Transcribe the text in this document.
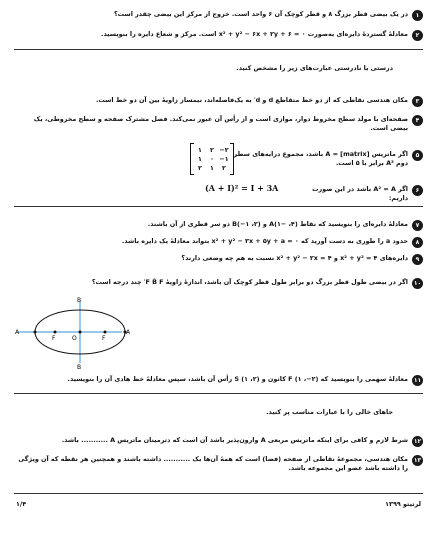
۱
در یک بیضی قطر بزرگ ۸ و قطر کوچک آن ۶ واحد است. خروج از مرکز این بیضی چقدر است؟
۲
معادلهٔ گستردهٔ دایره‌ای به‌صورت x² + y² − ۶x + ۲y + ۶ = ۰ است. مرکز و شعاع دایره را بنویسید.
درستی یا نادرستی عبارت‌های زیر را مشخص کنید.
۳
مکان هندسی نقاطی که از دو خط متقاطع d و d′ به یک‌فاصله‌اند، نیمساز زاویهٔ بین آن دو خط است.
۴
صفحه‌ای با مولد سطح مخروط دوار، موازی است و از رأس آن عبور نمی‌کند. فصل مشترک صفحه و سطح مخروطی، یک بیضی است.
۵
اگر ماتریس A = [matrix] باشد، مجموع درایه‌های سطر دوم A³ برابر با ۵ است.
۱	۲ −۲
۱	۰ −۱
۲	۱	۲
۶
اگر A² = A باشد در این صورت داریم:
(A + I)² = I + 3A
۷
معادلهٔ دایره‌ای را بنویسید که نقاط (۴، −۱)A و (۲، ۱−)B دو سر قطری از آن باشند.
۸
حدود a را طوری به دست آورید که x² + y² − ۳x + ۵y + a = ۰ بتواند معادلهٔ یک دایره باشد.
۹
دایره‌های x² + y² = ۴ و x² + y² − ۲x = ۴ نسبت به هم چه وضعی دارند؟
۱۰
اگر در بیضی طول قطر بزرگ دو برابر طول قطر کوچک آن باشد، اندازهٔ زاویهٔ F B̂ F′ چند درجه است؟
A	A
B
B
F	F
O
۱۱
معادلهٔ سهمی را بنویسید که (۲−، ۱) F کانون و (۲، ۱) S رأس آن باشد، سپس معادلهٔ خط هادی آن را بنویسید.
جاهای خالی را با عبارات مناسب پر کنید.
۱۲
شرط لازم و کافی برای اینکه ماتریس مربعی A وارون‌پذیر باشد آن است که دترمینان ماتریس A ........... باشد.
۱۳
مکان هندسی، مجموعهٔ نقاطی از صفحه (فضا) است که همهٔ آن‌ها یک ........... داشته باشند و همچنین هر نقطه که آن ویژگی را داشته باشد عضو این مجموعه باشد.
۱/۴	لرتیتو ۱۳۹۹
